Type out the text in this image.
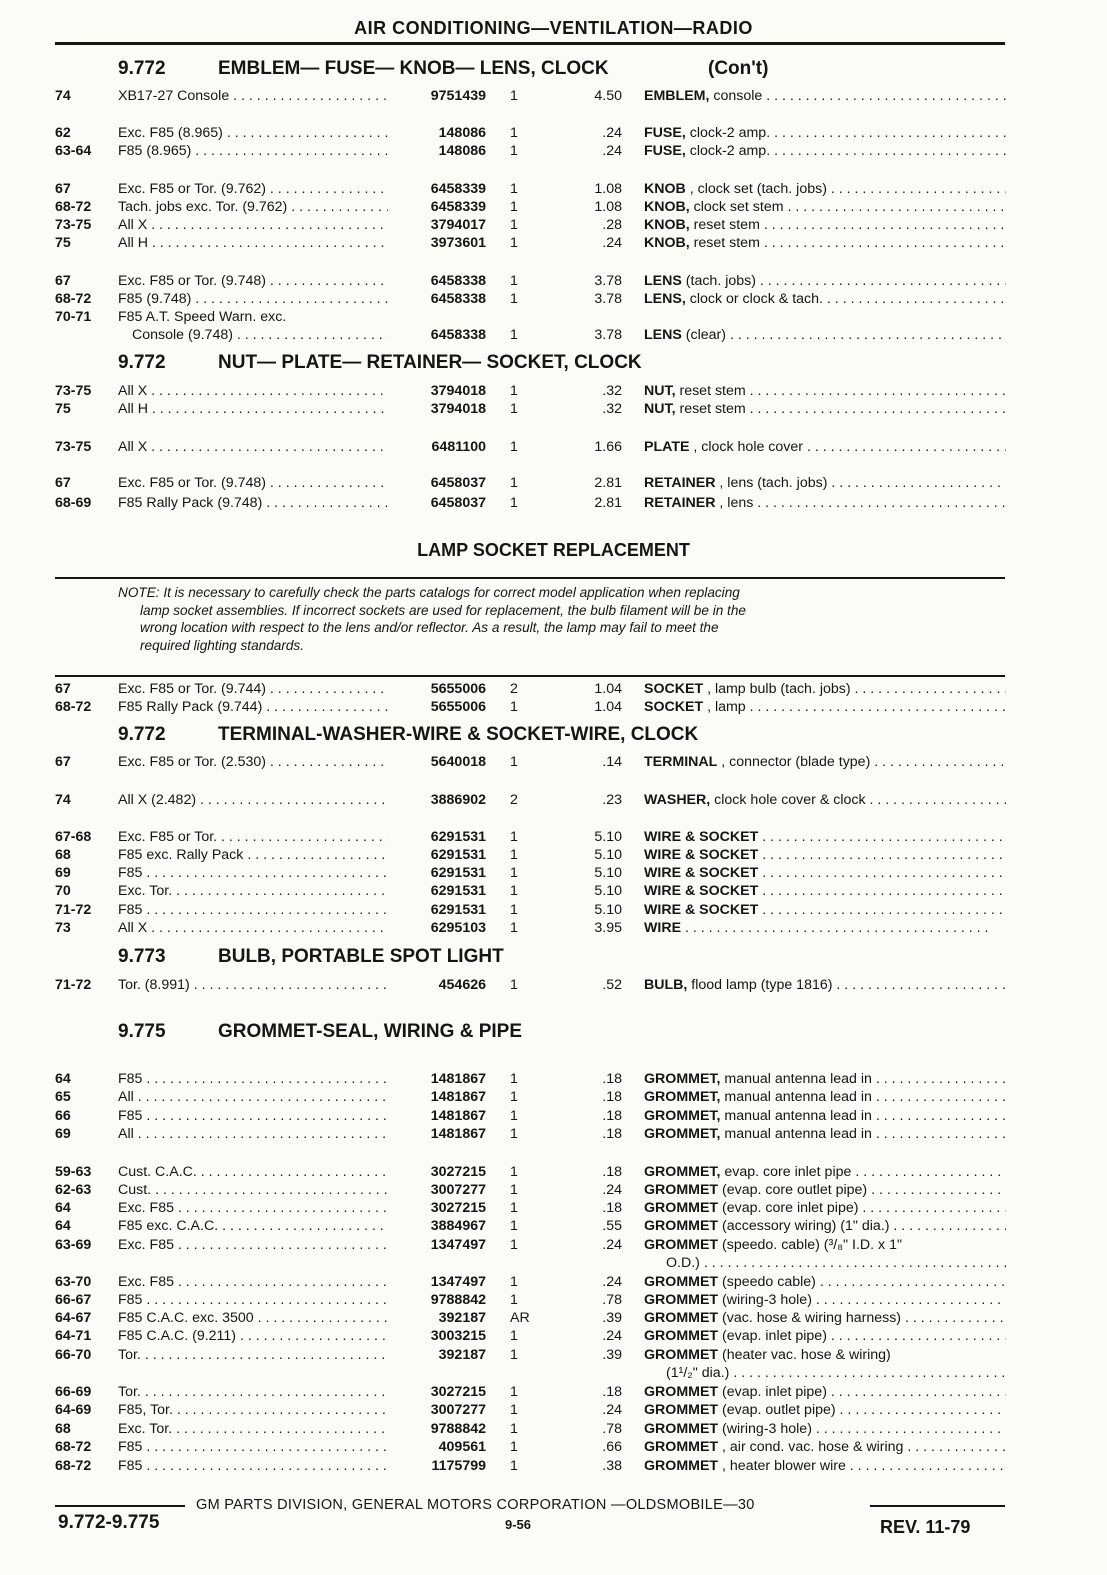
AIR CONDITIONING—VENTILATION—RADIO
9.772	EMBLEM— FUSE— KNOB— LENS, CLOCK	(Con't)
9.772	NUT— PLATE— RETAINER— SOCKET, CLOCK
LAMP SOCKET REPLACEMENT
NOTE: It is necessary to carefully check the parts catalogs for correct model application when replacing
lamp socket assemblies. If incorrect sockets are used for replacement, the bulb filament will be in the
wrong location with respect to the lens and/or reflector. As a result, the lamp may fail to meet the
required lighting standards.
9.772	TERMINAL-WASHER-WIRE & SOCKET-WIRE, CLOCK
9.773	BULB, PORTABLE SPOT LIGHT
9.775	GROMMET-SEAL, WIRING & PIPE
74	XB17-27 Console . . .	9751439 1	4.50 EMBLEM, console . . .
62	Exc. F85 (8.965) . . .	148086 1	.24 FUSE, clock-2 amp. . . .
63-64 F85 (8.965) . . .	148086 1	.24 FUSE, clock-2 amp. . . .
67	Exc. F85 or Tor. (9.762) . . .	6458339 1	1.08 KNOB , clock set (tach. jobs) . . .
68-72 Tach. jobs exc. Tor. (9.762) . . .	6458339 1	1.08 KNOB, clock set stem . . .
73-75 All X . . .	3794017 1	.28 KNOB, reset stem . . .
75	All H . . .	3973601 1	.24 KNOB, reset stem . . .
67	Exc. F85 or Tor. (9.748) . . .	6458338 1	3.78 LENS (tach. jobs) . . .
68-72 F85 (9.748) . . .	6458338 1	3.78 LENS, clock or clock & tach. . . .
70-71 F85 A.T. Speed Warn. exc.
Console (9.748) . . .	6458338 1	3.78 LENS (clear) . . .
73-75 All X . . .	3794018 1	.32 NUT, reset stem . . .
75	All H . . .	3794018 1	.32 NUT, reset stem . . .
73-75 All X . . .	6481100 1	1.66 PLATE , clock hole cover . . .
67	Exc. F85 or Tor. (9.748) . . .	6458037 1	2.81 RETAINER , lens (tach. jobs) . . .
68-69 F85 Rally Pack (9.748) . . .	6458037 1	2.81 RETAINER , lens . . .
67	Exc. F85 or Tor. (9.744) . . .	5655006 2	1.04 SOCKET , lamp bulb (tach. jobs) . . .
68-72 F85 Rally Pack (9.744) . . .	5655006 1	1.04 SOCKET , lamp . . .
67	Exc. F85 or Tor. (2.530) . . .	5640018 1	.14 TERMINAL , connector (blade type) . . .
74	All X (2.482) . . .	3886902 2	.23 WASHER, clock hole cover & clock . . .
67-68 Exc. F85 or Tor. . . .	6291531 1	5.10 WIRE & SOCKET . . .
68	F85 exc. Rally Pack . . .	6291531 1	5.10 WIRE & SOCKET . . .
69	F85 . . .	6291531 1	5.10 WIRE & SOCKET . . .
70	Exc. Tor. . . .	6291531 1	5.10 WIRE & SOCKET . . .
71-72 F85 . . .	6291531 1	5.10 WIRE & SOCKET . . .
73	All X . . .	6295103 1	3.95 WIRE . . .
71-72 Tor. (8.991) . . .	454626 1	.52 BULB, flood lamp (type 1816) . . .
64	F85 . . .	1481867 1	.18 GROMMET, manual antenna lead in . . .
65	All . . .	1481867 1	.18 GROMMET, manual antenna lead in . . .
66	F85 . . .	1481867 1	.18 GROMMET, manual antenna lead in . . .
69	All . . .	1481867 1	.18 GROMMET, manual antenna lead in . . .
59-63 Cust. C.A.C. . . .	3027215 1	.18 GROMMET, evap. core inlet pipe . . .
62-63 Cust. . . .	3007277 1	.24 GROMMET (evap. core outlet pipe) . . .
64	Exc. F85 . . .	3027215 1	.18 GROMMET (evap. core inlet pipe) . . .
64	F85 exc. C.A.C. . . .	3884967 1	.55 GROMMET (accessory wiring) (1" dia.) . . .
63-69 Exc. F85 . . .	1347497 1	.24 GROMMET (speedo. cable) (³/₈" I.D. x 1"
O.D.) . . .
63-70 Exc. F85 . . .	1347497 1	.24 GROMMET (speedo cable) . . .
66-67 F85 . . .	9788842 1	.78 GROMMET (wiring-3 hole) . . .
64-67 F85 C.A.C. exc. 3500 . . .	392187 AR	.39 GROMMET (vac. hose & wiring harness) . . .
64-71 F85 C.A.C. (9.211) . . .	3003215 1	.24 GROMMET (evap. inlet pipe) . . .
66-70 Tor. . . .	392187 1	.39 GROMMET (heater vac. hose & wiring)
(1¹/₂" dia.) . . .
66-69 Tor. . . .	3027215 1	.18 GROMMET (evap. inlet pipe) . . .
64-69 F85, Tor. . . .	3007277 1	.24 GROMMET (evap. outlet pipe) . . .
68	Exc. Tor. . . .	9788842 1	.78 GROMMET (wiring-3 hole) . . .
68-72 F85 . . .	409561 1	.66 GROMMET , air cond. vac. hose & wiring . . .
68-72 F85 . . .	1175799 1	.38 GROMMET , heater blower wire . . .
GM PARTS DIVISION, GENERAL MOTORS CORPORATION —OLDSMOBILE—30
9.772-9.775	9-56	REV. 11-79
